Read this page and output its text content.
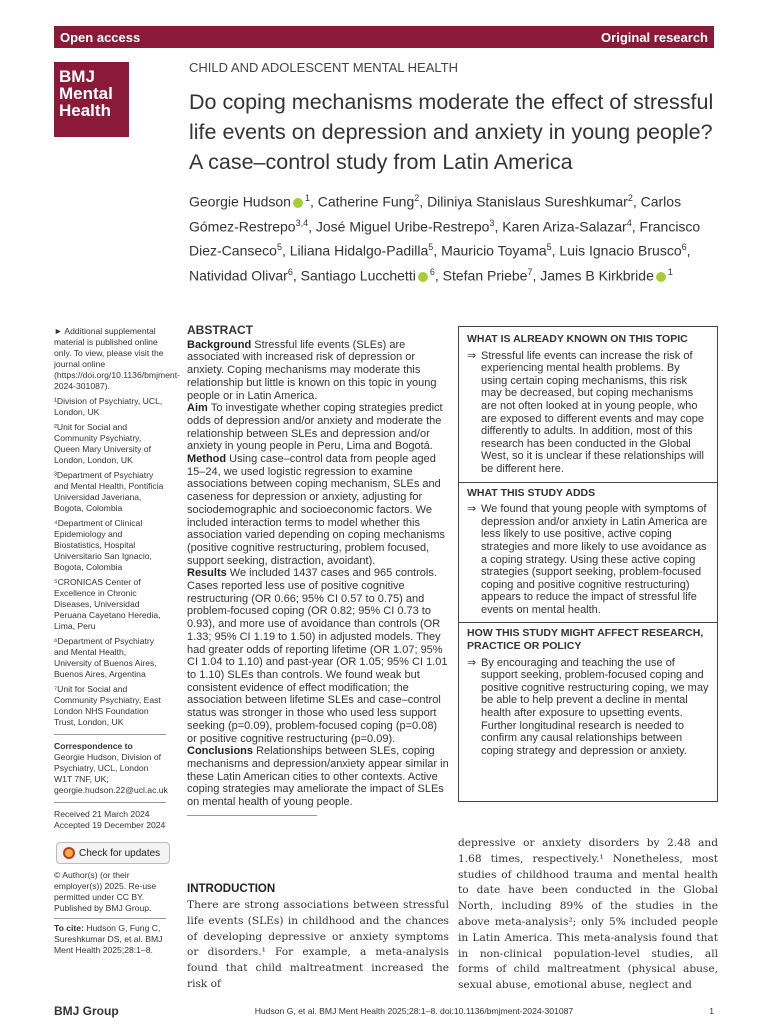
Open access	Original research
BMJ
Mental
Health
CHILD AND ADOLESCENT MENTAL HEALTH
Do coping mechanisms moderate the effect of stressful life events on depression and anxiety in young people? A case–control study from Latin America
Georgie Hudson $^1$, Catherine Fung$^2$, Diliniya Stanislaus Sureshkumar$^2$, Carlos Gómez-Restrepo$^{3,4}$, José Miguel Uribe-Restrepo$^3$, Karen Ariza-Salazar$^4$, Francisco Diez-Canseco$^5$, Liliana Hidalgo-Padilla$^5$, Mauricio Toyama$^5$, Luis Ignacio Brusco$^6$, Natividad Olivar$^6$, Santiago Lucchetti $^6$, Stefan Priebe$^7$, James B Kirkbride $^1$

► Additional supplemental material is published online only. To view, please visit the journal online (https://doi.org/10.1136/bmjment-2024-301087).

¹Division of Psychiatry, UCL, London, UK

²Unit for Social and Community Psychiatry, Queen Mary University of London, London, UK

³Department of Psychiatry and Mental Health, Pontificia Universidad Javeriana, Bogota, Colombia

⁴Department of Clinical Epidemiology and Biostatistics, Hospital Universitario San Ignacio, Bogota, Colombia

⁵CRONICAS Center of Excellence in Chronic Diseases, Universidad Peruana Cayetano Heredia, Lima, Peru

⁶Department of Psychiatry and Mental Health, University of Buenos Aires, Buenos Aires, Argentina

⁷Unit for Social and Community Psychiatry, East London NHS Foundation Trust, London, UK

Correspondence to

Georgie Hudson, Division of Psychiatry, UCL, London W1T 7NF, UK; georgie.hudson.22@ucl.ac.uk

Received 21 March 2024

Accepted 19 December 2024

Check for updates

© Author(s) (or their employer(s)) 2025. Re-use permitted under CC BY. Published by BMJ Group.

To cite: Hudson G, Fung C, Sureshkumar DS, et al. BMJ Ment Health 2025;28:1–8.

ABSTRACT

Background Stressful life events (SLEs) are associated with increased risk of depression or anxiety. Coping mechanisms may moderate this relationship but little is known on this topic in young people or in Latin America.

Aim To investigate whether coping strategies predict odds of depression and/or anxiety and moderate the relationship between SLEs and depression and/or anxiety in young people in Peru, Lima and Bogotá.

Method Using case–control data from people aged 15–24, we used logistic regression to examine associations between coping mechanism, SLEs and caseness for depression or anxiety, adjusting for sociodemographic and socioeconomic factors. We included interaction terms to model whether this association varied depending on coping mechanisms (positive cognitive restructuring, problem focused, support seeking, distraction, avoidant).

Results We included 1437 cases and 965 controls. Cases reported less use of positive cognitive restructuring (OR 0.66; 95% CI 0.57 to 0.75) and problem-focused coping (OR 0.82; 95% CI 0.73 to 0.93), and more use of avoidance than controls (OR 1.33; 95% CI 1.19 to 1.50) in adjusted models. They had greater odds of reporting lifetime (OR 1.07; 95% CI 1.04 to 1.10) and past-year (OR 1.05; 95% CI 1.01 to 1.10) SLEs than controls. We found weak but consistent evidence of effect modification; the association between lifetime SLEs and case–control status was stronger in those who used less support seeking (p=0.09), problem-focused coping (p=0.08) or positive cognitive restructuring (p=0.09).

Conclusions Relationships between SLEs, coping mechanisms and depression/anxiety appear similar in these Latin American cities to other contexts. Active coping strategies may ameliorate the impact of SLEs on mental health of young people.

WHAT IS ALREADY KNOWN ON THIS TOPIC
⇒ Stressful life events can increase the risk of experiencing mental health problems. By using certain coping mechanisms, this risk may be decreased, but coping mechanisms are not often looked at in young people, who are exposed to different events and may cope differently to adults. In addition, most of this research has been conducted in the Global West, so it is unclear if these relationships will be different here.
WHAT THIS STUDY ADDS
⇒ We found that young people with symptoms of depression and/or anxiety in Latin America are less likely to use positive, active coping strategies and more likely to use avoidance as a coping strategy. Using these active coping strategies (support seeking, problem-focused coping and positive cognitive restructuring) appears to reduce the impact of stressful life events on mental health.
HOW THIS STUDY MIGHT AFFECT RESEARCH, PRACTICE OR POLICY
⇒ By encouraging and teaching the use of support seeking, problem-focused coping and positive cognitive restructuring coping, we may be able to help prevent a decline in mental health after exposure to upsetting events. Further longitudinal research is needed to confirm any causal relationships between coping strategy and depression or anxiety.
INTRODUCTION
There are strong associations between stressful life events (SLEs) in childhood and the chances of developing depressive or anxiety symptoms or disorders.¹ For example, a meta-analysis found that child maltreatment increased the risk of
depressive or anxiety disorders by 2.48 and 1.68 times, respectively.¹ Nonetheless, most studies of childhood trauma and mental health to date have been conducted in the Global North, including 89% of the studies in the above meta-analysis²; only 5% included people in Latin America. This meta-analysis found that in non-clinical population-level studies, all forms of child maltreatment (physical abuse, sexual abuse, emotional abuse, neglect and
BMJ Group	Hudson G, et al. BMJ Ment Health 2025;28:1–8. doi:10.1136/bmjment-2024-301087	1
